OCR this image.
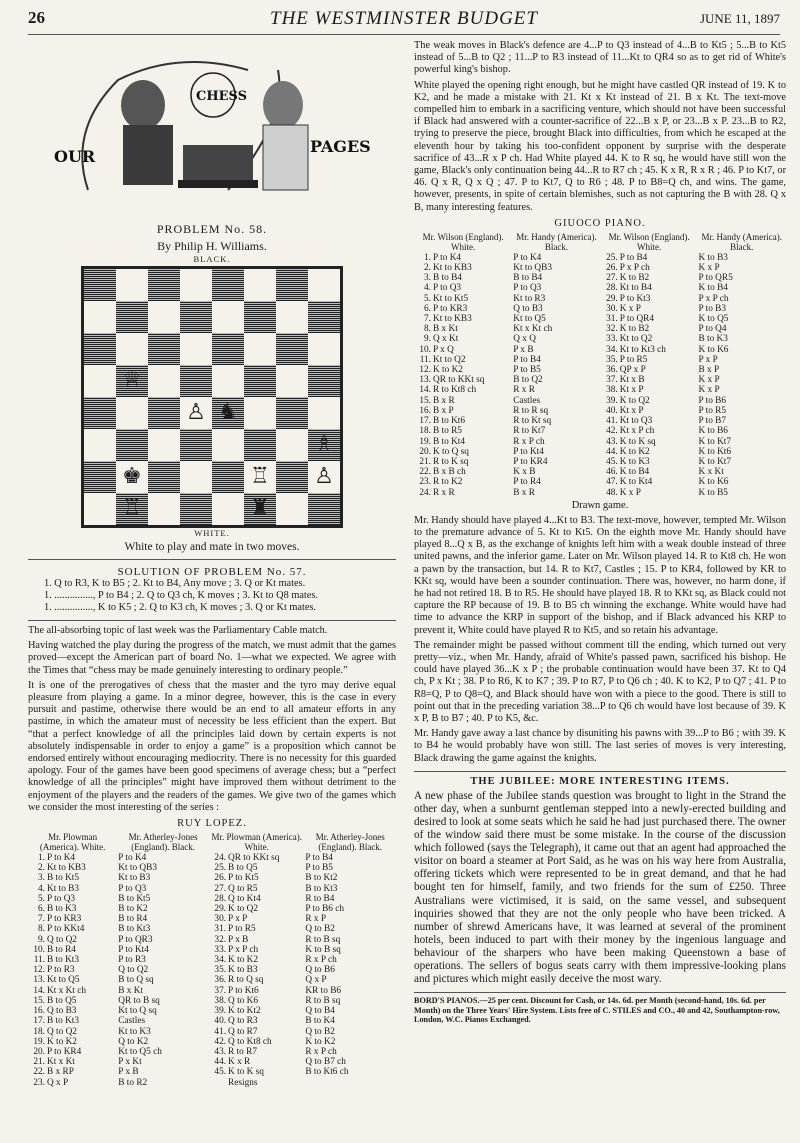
26	THE WESTMINSTER BUDGET	JUNE 11, 1897
OUR
CHESS
PAGES
PROBLEM No. 58.
By Philip H. Williams.
BLACK.
♕
♙ ♞
♗
♚	♖ ♙
♖	♜
WHITE.
White to play and mate in two moves.
SOLUTION OF PROBLEM No. 57.
1. Q to R3, K to B5 ; 2. Kt to B4, Any move ; 3. Q or Kt mates.
1. ..............., P to B4 ; 2. Q to Q3 ch, K moves ; 3. Kt to Q8 mates.
1. ..............., K to K5 ; 2. Q to K3 ch, K moves ; 3. Q or Kt mates.

The all-absorbing topic of last week was the Parliamentary Cable match.

Having watched the play during the progress of the match, we must admit that the games proved—except the American part of board No. 1—what we expected. We agree with the Times that “chess may be made genuinely interesting to ordinary people.”

It is one of the prerogatives of chess that the master and the tyro may derive equal pleasure from playing a game. In a minor degree, however, this is the case in every pursuit and pastime, otherwise there would be an end to all amateur efforts in any pastime, in which the amateur must of necessity be less efficient than the expert. But “that a perfect knowledge of all the principles laid down by certain experts is not absolutely indispensable in order to enjoy a game” is a proposition which cannot be endorsed entirely without encouraging mediocrity. There is no necessity for this guarded apology. Four of the games have been good specimens of average chess; but a “perfect knowledge of all the principles” might have improved them without detriment to the enjoyment of the players and the readers of the games. We give two of the games which we consider the most interesting of the series :

RUY LOPEZ.
Mr. Plowman (America). White.		Mr. Atherley-Jones (England). Black.	Mr. Plowman (America). White.		Mr. Atherley-Jones (England). Black.
1.	P to K4	P to K4	24.	QR to KKt sq	P to B4
2.	Kt to KB3	Kt to QB3	25.	B to Q5	P to B5
3.	B to Kt5	Kt to B3	26.	P to Kt5	B to Kt2
4.	Kt to B3	P to Q3	27.	Q to R5	B to Kt3
5.	P to Q3	B to Kt5	28.	Q to Kt4	R to B4
6.	B to K3	B to K2	29.	K to Q2	P to B6 ch
7.	P to KR3	B to R4	30.	P x P	R x P
8.	P to KKt4	B to Kt3	31.	P to R5	Q to B2
9.	Q to Q2	P to QR3	32.	P x B	R to B sq
10.	B to R4	P to Kt4	33.	P x P ch	K to B sq
11.	B to Kt3	P to R3	34.	K to K2	R x P ch
12.	P to R3	Q to Q2	35.	K to B3	Q to B6
13.	Kt to Q5	B to Q sq	36.	R to Q sq	Q x P
14.	Kt x Kt ch	B x Kt	37.	P to Kt6	KR to B6
15.	B to Q5	QR to B sq	38.	Q to K6	R to B sq
16.	Q to B3	Kt to Q sq	39.	K to Kt2	Q to B4
17.	B to Kt3	Castles	40.	Q to R3	B to K4
18.	Q to Q2	Kt to K3	41.	Q to R7	Q to B2
19.	K to K2	Q to K2	42.	Q to Kt8 ch	K to K2
20.	P to KR4	Kt to Q5 ch	43.	R to R7	R x P ch
21.	Kt x Kt	P x Kt	44.	K x R	Q to B7 ch
22.	B x RP	P x B	45.	K to K sq	B to Kt6 ch
23.	Q x P	B to R2		Resigns	

The weak moves in Black's defence are 4...P to Q3 instead of 4...B to Kt5 ; 5...B to Kt5 instead of 5...B to Q2 ; 11...P to R3 instead of 11...Kt to QR4 so as to get rid of White's powerful king's bishop.

White played the opening right enough, but he might have castled QR instead of 19. K to K2, and he made a mistake with 21. Kt x Kt instead of 21. B x Kt. The text-move compelled him to embark in a sacrificing venture, which should not have been successful if Black had answered with a counter-sacrifice of 22...B x P, or 23...B x P. 23...B to R2, trying to preserve the piece, brought Black into difficulties, from which he escaped at the eleventh hour by taking his too-confident opponent by surprise with the desperate sacrifice of 43...R x P ch. Had White played 44. K to R sq, he would have still won the game, Black's only continuation being 44...R to R7 ch ; 45. K x R, R x R ; 46. P to Kt7, or 46. Q x R, Q x Q ; 47. P to Kt7, Q to R6 ; 48. P to B8=Q ch, and wins. The game, however, presents, in spite of certain blemishes, such as not capturing the B with 28. Q x B, many interesting features.

GIUOCO PIANO.
Mr. Wilson (England). White.		Mr. Handy (America). Black.	Mr. Wilson (England). White.		Mr. Handy (America). Black.
1.	P to K4	P to K4	25.	P to B4	K to B3
2.	Kt to KB3	Kt to QB3	26.	P x P ch	K x P
3.	B to B4	B to B4	27.	K to B2	P to QR5
4.	P to Q3	P to Q3	28.	Kt to B4	K to B4
5.	Kt to Kt5	Kt to R3	29.	P to Kt3	P x P ch
6.	P to KR3	Q to B3	30.	K x P	P to B3
7.	Kt to KB3	Kt to Q5	31.	P to QR4	K to Q5
8.	B x Kt	Kt x Kt ch	32.	K to B2	P to Q4
9.	Q x Kt	Q x Q	33.	Kt to Q2	B to K3
10.	P x Q	P x B	34.	Kt to Kt3 ch	K to K6
11.	Kt to Q2	P to B4	35.	P to R5	P x P
12.	K to K2	P to B5	36.	QP x P	B x P
13.	QR to KKt sq	B to Q2	37.	Kt x B	K x P
14.	R to Kt8 ch	R x R	38.	Kt x P	K x P
15.	B x R	Castles	39.	K to Q2	P to B6
16.	B x P	R to R sq	40.	Kt x P	P to R5
17.	B to Kt6	R to Kt sq	41.	Kt to Q3	P to B7
18.	B to R5	R to Kt7	42.	Kt x P ch	K to B6
19.	B to Kt4	R x P ch	43.	K to K sq	K to Kt7
20.	K to Q sq	P to Kt4	44.	K to K2	K to Kt6
21.	R to K sq	P to KR4	45.	K to K3	K to Kt7
22.	B x B ch	K x B	46.	K to B4	K x Kt
23.	R to K2	P to R4	47.	K to Kt4	K to K6
24.	R x R	B x R	48.	K x P	K to B5
Drawn game.

Mr. Handy should have played 4...Kt to B3. The text-move, however, tempted Mr. Wilson to the premature advance of 5. Kt to Kt5. On the eighth move Mr. Handy should have played 8...Q x B, as the exchange of knights left him with a weak double instead of three united pawns, and the inferior game. Later on Mr. Wilson played 14. R to Kt8 ch. He won a pawn by the transaction, but 14. R to Kt7, Castles ; 15. P to KR4, followed by KR to KKt sq, would have been a sounder continuation. There was, however, no harm done, if he had not retired 18. B to R5. He should have played 18. R to KKt sq, as Black could not capture the RP because of 19. B to B5 ch winning the exchange. White would have had time to advance the KRP in support of the bishop, and if Black advanced his KRP to prevent it, White could have played R to Kt5, and so retain his advantage.

The remainder might be passed without comment till the ending, which turned out very pretty—viz., when Mr. Handy, afraid of White's passed pawn, sacrificed his bishop. He could have played 36...K x P ; the probable continuation would have been 37. Kt to Q4 ch, P x Kt ; 38. P to R6, K to K7 ; 39. P to R7, P to Q6 ch ; 40. K to K2, P to Q7 ; 41. P to R8=Q, P to Q8=Q, and Black should have won with a piece to the good. There is still to point out that in the preceding variation 38...P to Q6 ch would have lost because of 39. K x P, B to B7 ; 40. P to K5, &c.

Mr. Handy gave away a last chance by disuniting his pawns with 39...P to B6 ; with 39. K to B4 he would probably have won still. The last series of moves is very interesting, Black drawing the game against the knights.

THE JUBILEE: MORE INTERESTING ITEMS.

A new phase of the Jubilee stands question was brought to light in the Strand the other day, when a sunburnt gentleman stepped into a newly-erected building and desired to look at some seats which he said he had just purchased there. The owner of the window said there must be some mistake. In the course of the discussion which followed (says the Telegraph), it came out that an agent had approached the visitor on board a steamer at Port Said, as he was on his way here from Australia, offering tickets which were represented to be in great demand, and that he had bought ten for himself, family, and two friends for the sum of £250. Three Australians were victimised, it is said, on the same vessel, and subsequent inquiries showed that they are not the only people who have been tricked. A number of shrewd Americans have, it was learned at several of the prominent hotels, been induced to part with their money by the ingenious language and behaviour of the sharpers who have been making Queenstown a base of operations. The sellers of bogus seats carry with them impressive-looking plans and pictures which might easily deceive the most wary.

BORD'S PIANOS.—25 per cent. Discount for Cash, or 14s. 6d. per Month (second-hand, 10s. 6d. per Month) on the Three Years' Hire System. Lists free of C. STILES and CO., 40 and 42, Southampton-row, London, W.C. Pianos Exchanged.
